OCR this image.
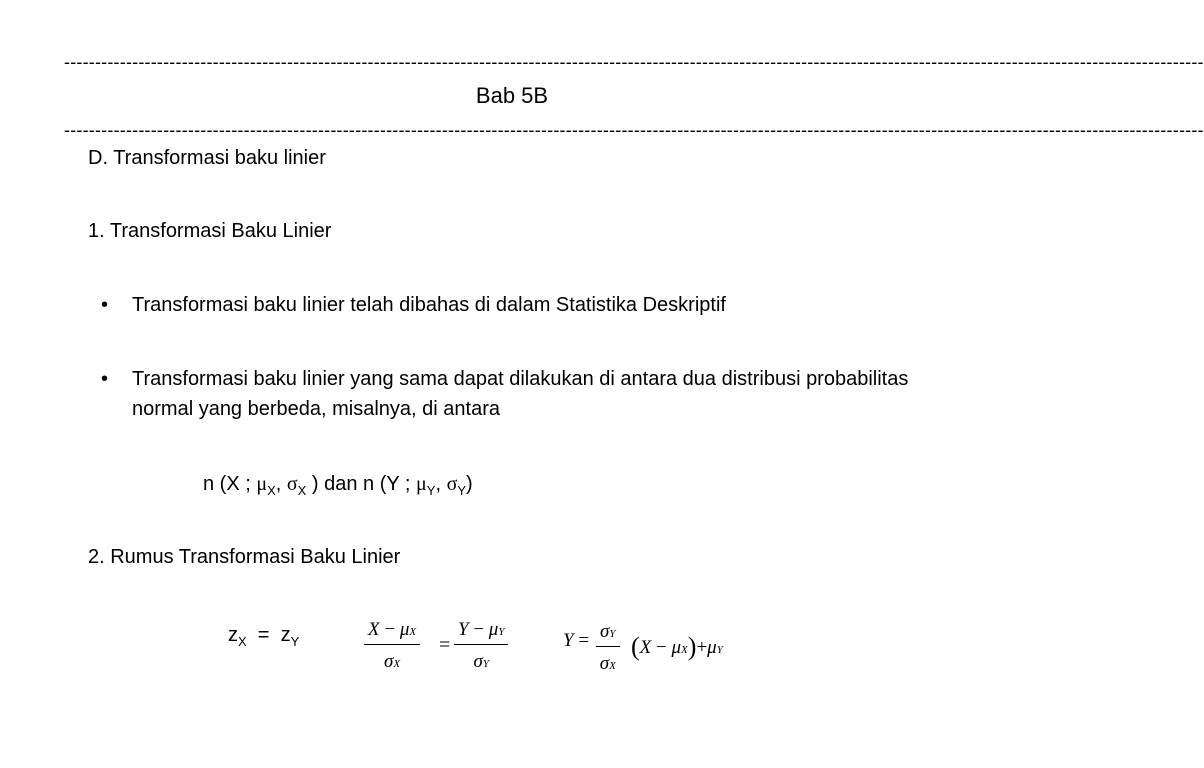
----------------------------------------------------------------------------------------------------------------------------------------------------------------------------------------
Bab 5B
----------------------------------------------------------------------------------------------------------------------------------------------------------------------------------------
D. Transformasi baku linier
1. Transformasi Baku Linier
• Transformasi baku linier telah dibahas di dalam Statistika Deskriptif
• Transformasi baku linier yang sama dapat dilakukan di antara dua distribusi probabilitas normal yang berbeda, misalnya, di antara
n (X ; $\mu_X$, $\sigma_X$ ) dan n (Y ; $\mu_Y$, $\sigma_Y$)
2. Rumus Transformasi Baku Linier
$z_X = z_Y$	$\frac{X - \mu X}{\sigma X} = \frac{Y - \mu Y}{\sigma Y}$	$Y = \frac{\sigma Y}{\sigma X} (X - \mu X)+\mu Y$
